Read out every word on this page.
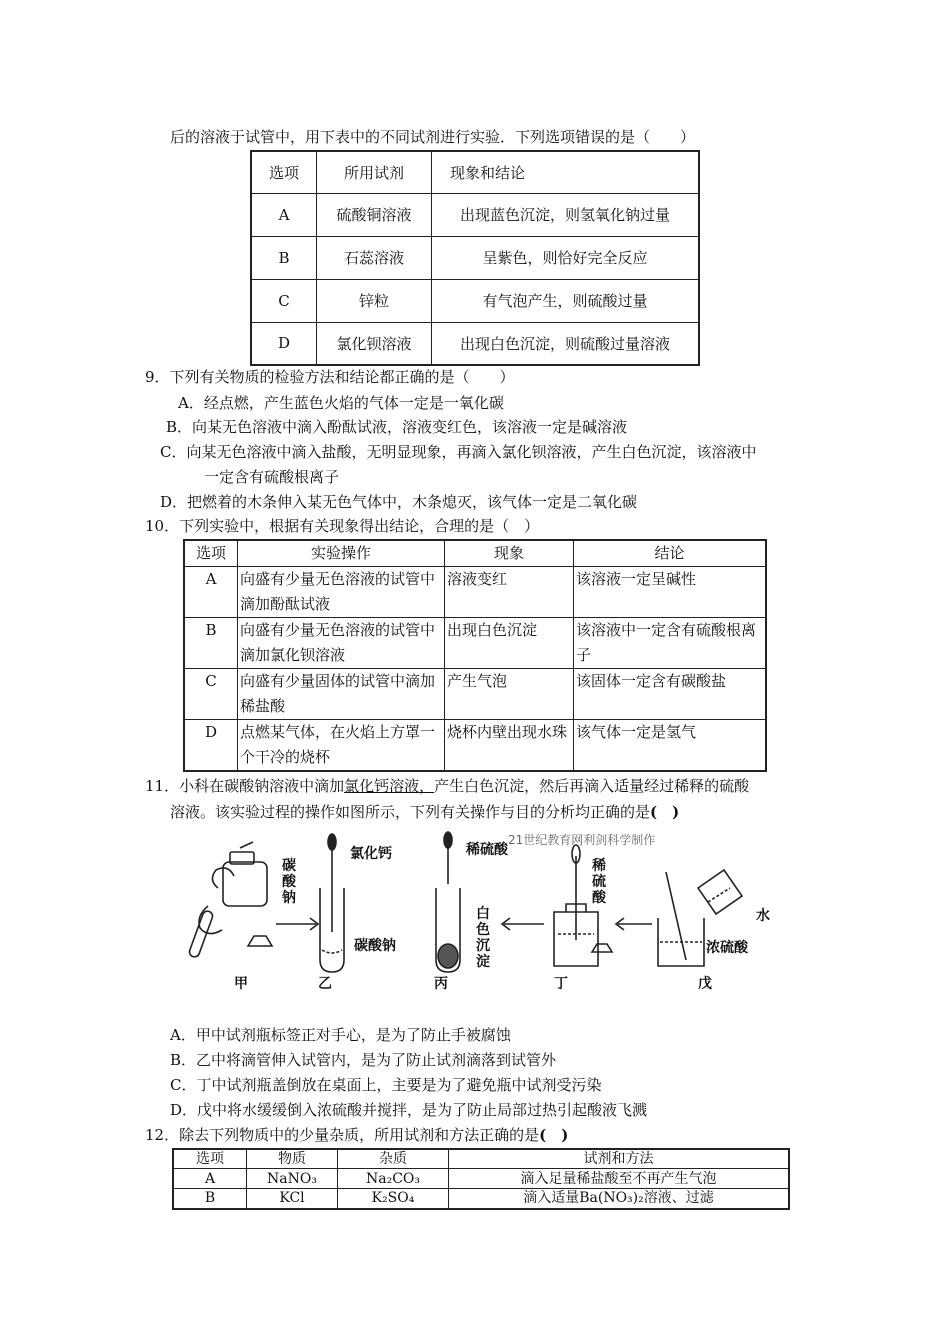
后的溶液于试管中，用下表中的不同试剂进行实验．下列选项错误的是（　　）
选项	所用试剂	现象和结论
A	硫酸铜溶液	出现蓝色沉淀，则氢氧化钠过量
B	石蕊溶液	呈紫色，则恰好完全反应
C	锌粒	有气泡产生，则硫酸过量
D	氯化钡溶液	出现白色沉淀，则硫酸过量溶液
9．下列有关物质的检验方法和结论都正确的是（　　）
A．经点燃，产生蓝色火焰的气体一定是一氧化碳
B．向某无色溶液中滴入酚酞试液，溶液变红色，该溶液一定是碱溶液
C．向某无色溶液中滴入盐酸，无明显现象，再滴入氯化钡溶液，产生白色沉淀，该溶液中
一定含有硫酸根离子
D．把燃着的木条伸入某无色气体中，木条熄灭，该气体一定是二氧化碳
10．下列实验中，根据有关现象得出结论，合理的是（　）
选项	实验操作	现象	结论
A	向盛有少量无色溶液的试管中滴加酚酞试液	溶液变红	该溶液一定呈碱性
B	向盛有少量无色溶液的试管中滴加氯化钡溶液	出现白色沉淀	该溶液中一定含有硫酸根离子
C	向盛有少量固体的试管中滴加稀盐酸	产生气泡	该固体一定含有碳酸盐
D	点燃某气体，在火焰上方罩一个干冷的烧杯	烧杯内壁出现水珠	该气体一定是氢气
11．小科在碳酸钠溶液中滴加氯化钙溶液，产生白色沉淀，然后再滴入适量经过稀释的硫酸
溶液。该实验过程的操作如图所示，下列有关操作与目的分析均正确的是(　)
21世纪教育网利剑科学制作
甲	乙	丙	丁	戊
碳酸钠
氯化钙
碳酸钠
稀硫酸
白色沉淀
稀硫酸
水
浓硫酸
A．甲中试剂瓶标签正对手心，是为了防止手被腐蚀
B．乙中将滴管伸入试管内，是为了防止试剂滴落到试管外
C．丁中试剂瓶盖倒放在桌面上，主要是为了避免瓶中试剂受污染
D．戊中将水缓缓倒入浓硫酸并搅拌，是为了防止局部过热引起酸液飞溅
12．除去下列物质中的少量杂质，所用试剂和方法正确的是(　)
选项	物质	杂质	试剂和方法
A	NaNO₃	Na₂CO₃	滴入足量稀盐酸至不再产生气泡
B	KCl	K₂SO₄	滴入适量Ba(NO₃)₂溶液、过滤
